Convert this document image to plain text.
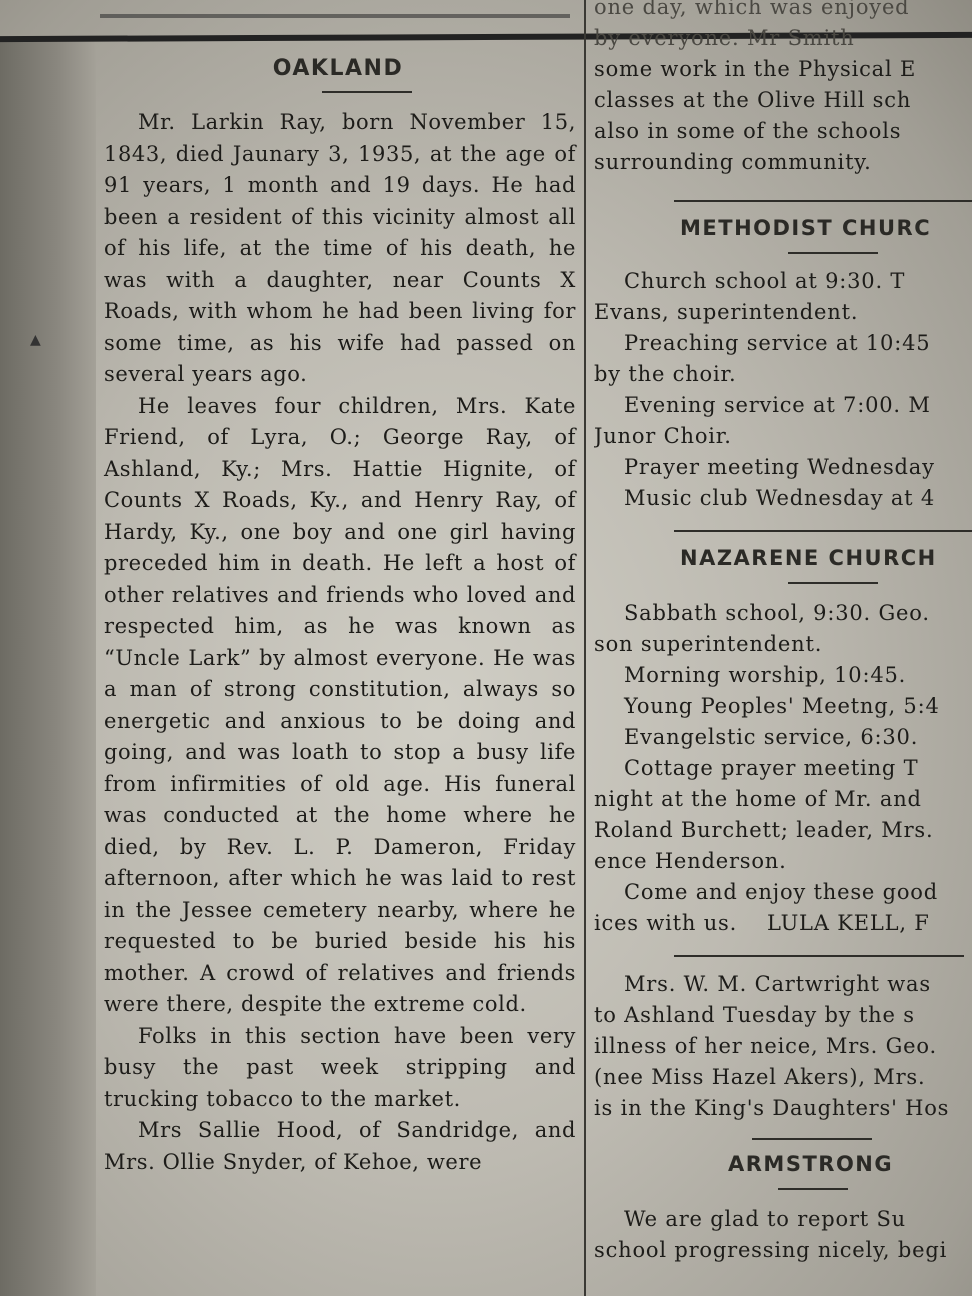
▲
OAKLAND

Mr. Larkin Ray, born November 15, 1843, died Jaunary 3, 1935, at the age of 91 years, 1 month and 19 days. He had been a resident of this vicinity almost all of his life, at the time of his death, he was with a daughter, near Counts X Roads, with whom he had been living for some time, as his wife had passed on several years ago.

He leaves four children, Mrs. Kate Friend, of Lyra, O.; George Ray, of Ashland, Ky.; Mrs. Hattie Hignite, of Counts X Roads, Ky., and Henry Ray, of Hardy, Ky., one boy and one girl having preceded him in death. He left a host of other relatives and friends who loved and respected him, as he was known as “Uncle Lark” by almost everyone. He was a man of strong constitution, always so energetic and anxious to be doing and going, and was loath to stop a busy life from infirmities of old age. His funeral was conducted at the home where he died, by Rev. L. P. Dameron, Friday afternoon, after which he was laid to rest in the Jessee cemetery nearby, where he requested to be buried beside his his mother. A crowd of relatives and friends were there, despite the extreme cold.

Folks in this section have been very busy the past week stripping and trucking tobacco to the market.

Mrs Sallie Hood, of Sandridge, and Mrs. Ollie Snyder, of Kehoe, were

one day, which was enjoyed
by everyone. Mr Smith
some work in the Physical E
classes at the Olive Hill sch
also in some of the schools
surrounding community.
METHODIST CHURC
Church school at 9:30. T
Evans, superintendent.
Preaching service at 10:45
by the choir.
Evening service at 7:00. M
Junor Choir.
Prayer meeting Wednesday
Music club Wednesday at 4
NAZARENE CHURCH
Sabbath school, 9:30. Geo.
son superintendent.
Morning worship, 10:45.
Young Peoples' Meetng, 5:4
Evangelstic service, 6:30.
Cottage prayer meeting T
night at the home of Mr. and
Roland Burchett; leader, Mrs.
ence Henderson.
Come and enjoy these good
ices with us.    LULA KELL, F
Mrs. W. M. Cartwright was
to Ashland Tuesday by the s
illness of her neice, Mrs. Geo.
(nee Miss Hazel Akers), Mrs.
is in the King's Daughters' Hos
ARMSTRONG
We are glad to report Su
school progressing nicely, begi
